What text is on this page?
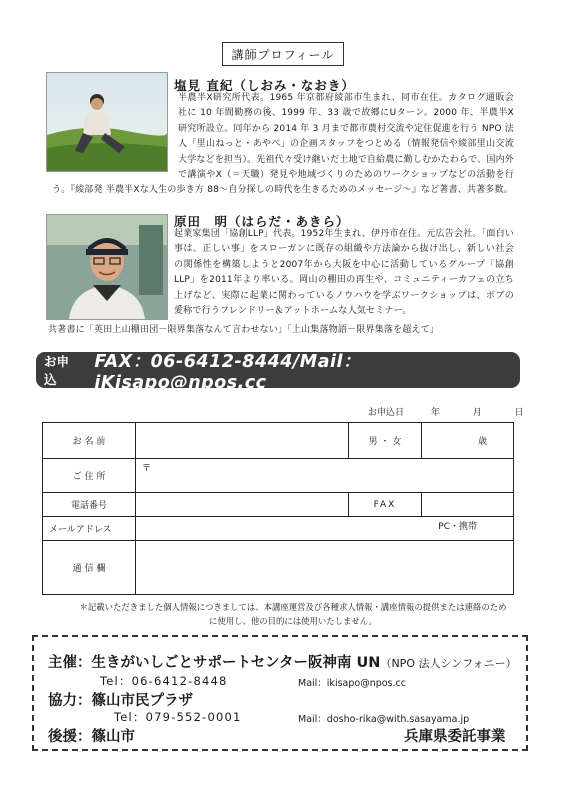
講師プロフィール
塩見 直紀（しおみ・なおき）
半農半X研究所代表。1965 年京都府綾部市生まれ、同市在住。カタログ通販会社に 10 年間勤務の後、1999 年、33 歳で故郷にUターン。2000 年、半農半X研究所設立。同年から 2014 年 3 月まで都市農村交流や定住促進を行う NPO 法人「里山ねっと・あやべ」の企画スタッフをつとめる（情報発信や綾部里山交流大学などを担当）。先祖代々受け継いだ土地で自給農に勤しむかたわらで、国内外で講演やX（＝天職）発見や地域づくりのためのワークショップなどの活動を行う。『綾部発 半農半Xな人生の歩き方 88〜自分探しの時代を生きるためのメッセージ〜』など著書、共著多数。
原田　明（はらだ・あきら）
起業家集団「協創LLP」代表。1952年生まれ、伊丹市在住。元広告会社。「面白い事は、正しい事」をスローガンに既存の組織や方法論から抜け出し、新しい社会の関係性を構築しようと2007年から大阪を中心に活動しているグループ「協創LLP」を2011年より率いる。岡山の棚田の再生や、コミュニティーカフェの立ち上げなど、実際に起業に関わっているノウハウを学ぶワークショップは、ボブの愛称で行うフレンドリー＆アットホームな人気セミナー。
共著書に「英田上山棚田団－限界集落なんて言わせない」「上山集落物語－限界集落を超えて」
お申込
FAX：06-6412-8444/Mail：iKisapo@npos.cc
お申込日	年	月	日
お 名 前		男 ・ 女	歳
ご 住 所	〒		
電話番号		FAX	
メールアドレス	PC・携帯		
通 信 欄			
＊記載いただきました個人情報につきましては、本講座運営及び各種求人情報・講座情報の提供または連絡のために使用し、他の目的には使用いたしません。
主催：生きがいしごとサポートセンター阪神南 UN（NPO 法人シンフォニー）
Tel：06-6412-8448	Mail：ikisapo@npos.cc
協力：篠山市民プラザ
Tel：079-552-0001	Mail：dosho-rika@with.sasayama.jp
後援：篠山市	兵庫県委託事業
